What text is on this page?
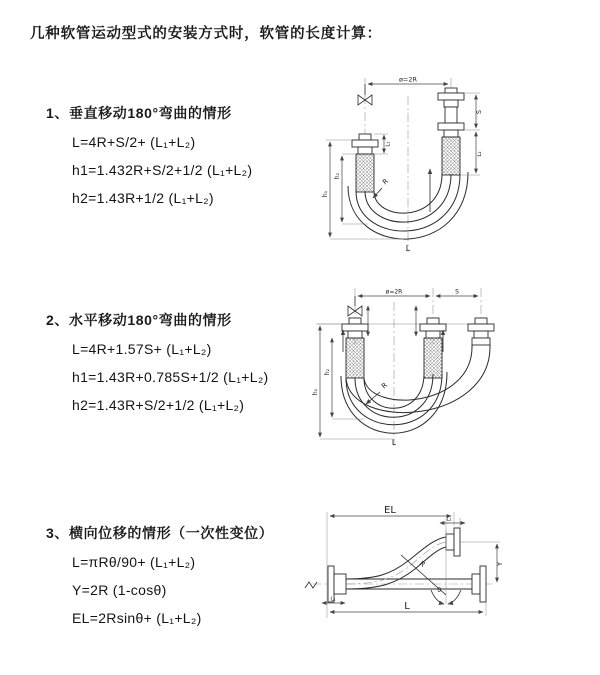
几种软管运动型式的安装方式时，软管的长度计算：
1、垂直移动180°弯曲的情形
L=4R+S/2+ (L₁+L₂)
h1=1.432R+S/2+1/2 (L₁+L₂)
h2=1.43R+1/2 (L₁+L₂)
ø=2R
R
L
h₁
h₂
L₁
S
L₂
2、水平移动180°弯曲的情形
L=4R+1.57S+ (L₁+L₂)
h1=1.43R+0.785S+1/2 (L₁+L₂)
h2=1.43R+S/2+1/2 (L₁+L₂)
ø=2R	S
R
L
h₁
h₂
3、横向位移的情形（一次性变位）
L=πRθ/90+ (L₁+L₂)
Y=2R (1-cosθ)
EL=2Rsinθ+ (L₁+L₂)
EL
L₁
Y
R
θ
L
L₁
